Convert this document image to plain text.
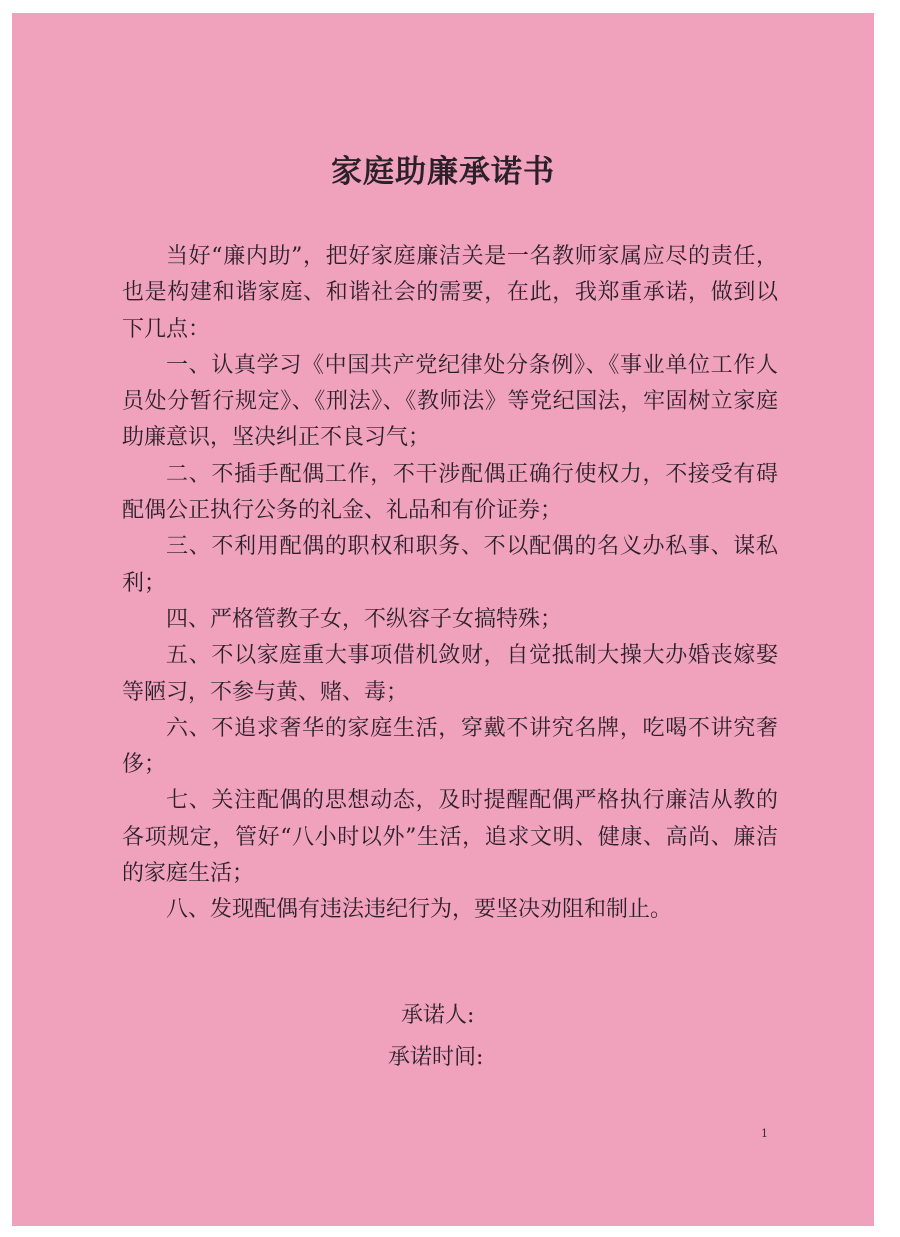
家庭助廉承诺书

当好“廉内助”，把好家庭廉洁关是一名教师家属应尽的责任，也是构建和谐家庭、和谐社会的需要，在此，我郑重承诺，做到以下几点：

一、认真学习《中国共产党纪律处分条例》、《事业单位工作人员处分暂行规定》、《刑法》、《教师法》等党纪国法，牢固树立家庭助廉意识，坚决纠正不良习气；

二、不插手配偶工作，不干涉配偶正确行使权力，不接受有碍配偶公正执行公务的礼金、礼品和有价证券；

三、不利用配偶的职权和职务、不以配偶的名义办私事、谋私利；

四、严格管教子女，不纵容子女搞特殊；

五、不以家庭重大事项借机敛财，自觉抵制大操大办婚丧嫁娶等陋习，不参与黄、赌、毒；

六、不追求奢华的家庭生活，穿戴不讲究名牌，吃喝不讲究奢侈；

七、关注配偶的思想动态，及时提醒配偶严格执行廉洁从教的各项规定，管好“八小时以外”生活，追求文明、健康、高尚、廉洁的家庭生活；

八、发现配偶有违法违纪行为，要坚决劝阻和制止。

承诺人:
承诺时间:
1
